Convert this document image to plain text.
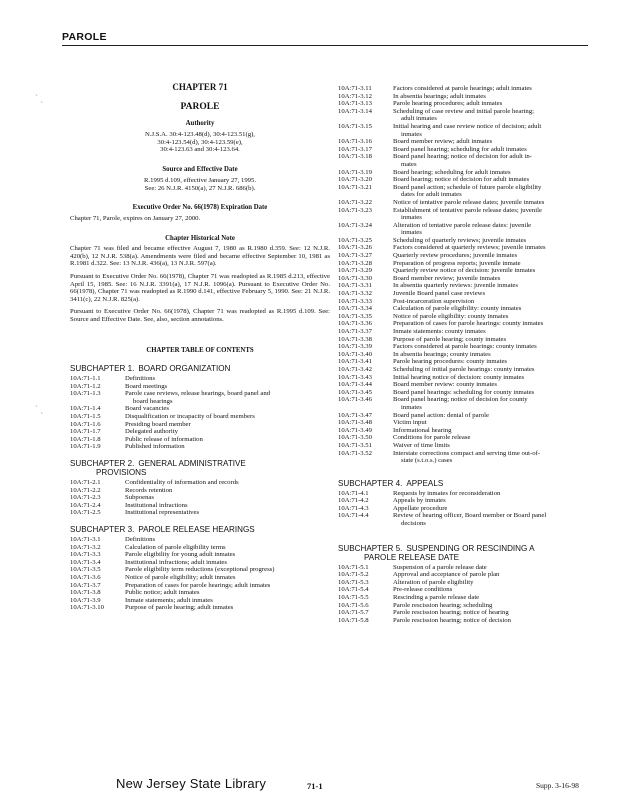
PAROLE
ˋ ˏ
ˋ ˏ
CHAPTER 71
PAROLE
Authority
N.J.S.A. 30:4-123.48(d), 30:4-123.51(g),
30:4-123.54(d), 30:4-123.59(e),
30:4-123.63 and 30:4-123.64.
Source and Effective Date
R.1995 d.109, effective January 27, 1995.
See: 26 N.J.R. 4150(a), 27 N.J.R. 686(b).
Executive Order No. 66(1978) Expiration Date
Chapter 71, Parole, expires on January 27, 2000.
Chapter Historical Note

Chapter 71 was filed and became effective August 7, 1980 as R.1980 d.359. See: 12 N.J.R. 420(b), 12 N.J.R. 538(a). Amendments were filed and became effective September 10, 1981 as R.1981 d.322. See: 13 N.J.R. 436(a), 13 N.J.R. 597(a).

Pursuant to Executive Order No. 66(1978), Chapter 71 was readopted as R.1985 d.213, effective April 15, 1985. See: 16 N.J.R. 3391(a), 17 N.J.R. 1096(a). Pursuant to Executive Order No. 66(1978), Chapter 71 was readopted as R.1990 d.141, effective February 5, 1990. See: 21 N.J.R. 3411(c), 22 N.J.R. 825(a).

Pursuant to Executive Order No. 66(1978), Chapter 71 was readopted as R.1995 d.109. See: Source and Effective Date. See, also, section annotations.

CHAPTER TABLE OF CONTENTS
SUBCHAPTER 1. BOARD ORGANIZATION
10A:71-1.1	Definitions
10A:71-1.2	Board meetings
10A:71-1.3	Parole case reviews, release hearings, board panel and
board hearings
10A:71-1.4	Board vacancies
10A:71-1.5	Disqualification or incapacity of board members
10A:71-1.6	Presiding board member
10A:71-1.7	Delegated authority
10A:71-1.8	Public release of information
10A:71-1.9	Published information
SUBCHAPTER 2. GENERAL ADMINISTRATIVE
PROVISIONS
10A:71-2.1	Confidentiality of information and records
10A:71-2.2	Records retention
10A:71-2.3	Subpoenas
10A:71-2.4	Institutional infractions
10A:71-2.5	Institutional representatives
SUBCHAPTER 3. PAROLE RELEASE HEARINGS
10A:71-3.1	Definitions
10A:71-3.2	Calculation of parole eligibility terms
10A:71-3.3	Parole eligibility for young adult inmates
10A:71-3.4	Institutional infractions; adult inmates
10A:71-3.5	Parole eligibility term reductions (exceptional progress)
10A:71-3.6	Notice of parole eligibility; adult inmates
10A:71-3.7	Preparation of cases for parole hearings; adult inmates
10A:71-3.8	Public notice; adult inmates
10A:71-3.9	Inmate statements; adult inmates
10A:71-3.10	Purpose of parole hearing; adult inmates
10A:71-3.11	Factors considered at parole hearings; adult inmates
10A:71-3.12	In absentia hearings; adult inmates
10A:71-3.13	Parole hearing procedures; adult inmates
10A:71-3.14	Scheduling of case review and initial parole hearing;
adult inmates
10A:71-3.15	Initial hearing and case review notice of decision; adult
inmates
10A:71-3.16	Board member review; adult inmates
10A:71-3.17	Board panel hearing; scheduling for adult inmates
10A:71-3.18	Board panel hearing; notice of decision for adult in-
mates
10A:71-3.19	Board hearing; scheduling for adult inmates
10A:71-3.20	Board hearing; notice of decision for adult inmates
10A:71-3.21	Board panel action; schedule of future parole eligibility
dates for adult inmates
10A:71-3.22	Notice of tentative parole release dates; juvenile inmates
10A:71-3.23	Establishment of tentative parole release dates; juvenile
inmates
10A:71-3.24	Alteration of tentative parole release dates: juvenile
inmates
10A:71-3.25	Scheduling of quarterly reviews; juvenile inmates
10A:71-3.26	Factors considered at quarterly reviews; juvenile inmates
10A:71-3.27	Quarterly review procedures; juvenile inmates
10A:71-3.28	Preparation of progress reports; juvenile inmate
10A:71-3.29	Quarterly review notice of decision: juvenile inmates
10A:71-3.30	Board member review; juvenile inmates
10A:71-3.31	In absentia quarterly reviews: juvenile inmates
10A:71-3.32	Juvenile Board panel case reviews
10A:71-3.33	Post-incarceration supervision
10A:71-3.34	Calculation of parole eligibility: county inmates
10A:71-3.35	Notice of parole eligibility: county inmates
10A:71-3.36	Preparation of cases for parole hearings: county inmates
10A:71-3.37	Inmate statements: county inmates
10A:71-3.38	Purpose of parole hearing; county inmates
10A:71-3.39	Factors considered at parole hearings: county inmates
10A:71-3.40	In absentia hearings; county inmates
10A:71-3.41	Parole hearing procedures: county inmates
10A:71-3.42	Scheduling of initial parole hearings: county inmates
10A:71-3.43	Initial hearing notice of decision: county inmates
10A:71-3.44	Board member review: county inmates
10A:71-3.45	Board panel hearings: scheduling for county inmates
10A:71-3.46	Board panel hearing; notice of decision for county
inmates
10A:71-3.47	Board panel action: denial of parole
10A:71-3.48	Victim input
10A:71-3.49	Informational hearing
10A:71-3.50	Conditions for parole release
10A:71-3.51	Waiver of time limits
10A:71-3.52	Interstate corrections compact and serving time out-of-
state (s.t.o.s.) cases
SUBCHAPTER 4. APPEALS
10A:71-4.1	Requests by inmates for reconsideration
10A:71-4.2	Appeals by inmates
10A:71-4.3	Appellate procedure
10A:71-4.4	Review of hearing officer, Board member or Board panel
decisions
SUBCHAPTER 5. SUSPENDING OR RESCINDING A
PAROLE RELEASE DATE
10A:71-5.1	Suspension of a parole release date
10A:71-5.2	Approval and acceptance of parole plan
10A:71-5.3	Alteration of parole eligibility
10A:71-5.4	Pre-release conditions
10A:71-5.5	Rescinding a parole release date
10A:71-5.6	Parole rescission hearing; scheduling
10A:71-5.7	Parole rescission hearing; notice of hearing
10A:71-5.8	Parole rescission hearing; notice of decision
New Jersey State Library	71-1	Supp. 3-16-98
